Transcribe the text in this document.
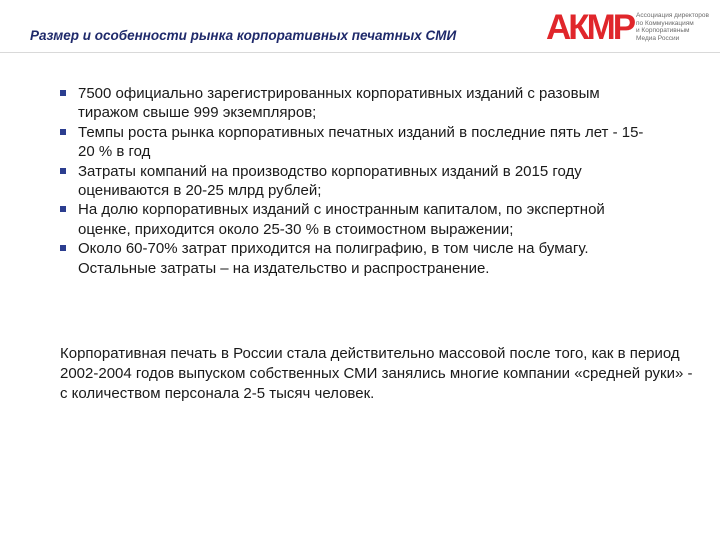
Размер и особенности рынка корпоративных печатных СМИ	АКМР Ассоциация директоров
по Коммуникациям
и Корпоративным
Медиа России
7500 официально зарегистрированных корпоративных изданий с разовым тиражом свыше 999 экземпляров;
Темпы роста рынка корпоративных печатных изданий в последние пять лет - 15-20 % в год
Затраты компаний на производство корпоративных изданий в 2015 году оцениваются в 20-25 млрд рублей;
На долю корпоративных изданий с иностранным капиталом, по экспертной оценке, приходится около 25-30 % в стоимостном выражении;
Около 60-70% затрат приходится на полиграфию, в том числе на бумагу. Остальные затраты – на издательство и распространение.

Корпоративная печать в России стала действительно массовой после того, как в период 2002-2004 годов выпуском собственных СМИ занялись многие компании «средней руки» - с количеством персонала 2-5 тысяч человек.
